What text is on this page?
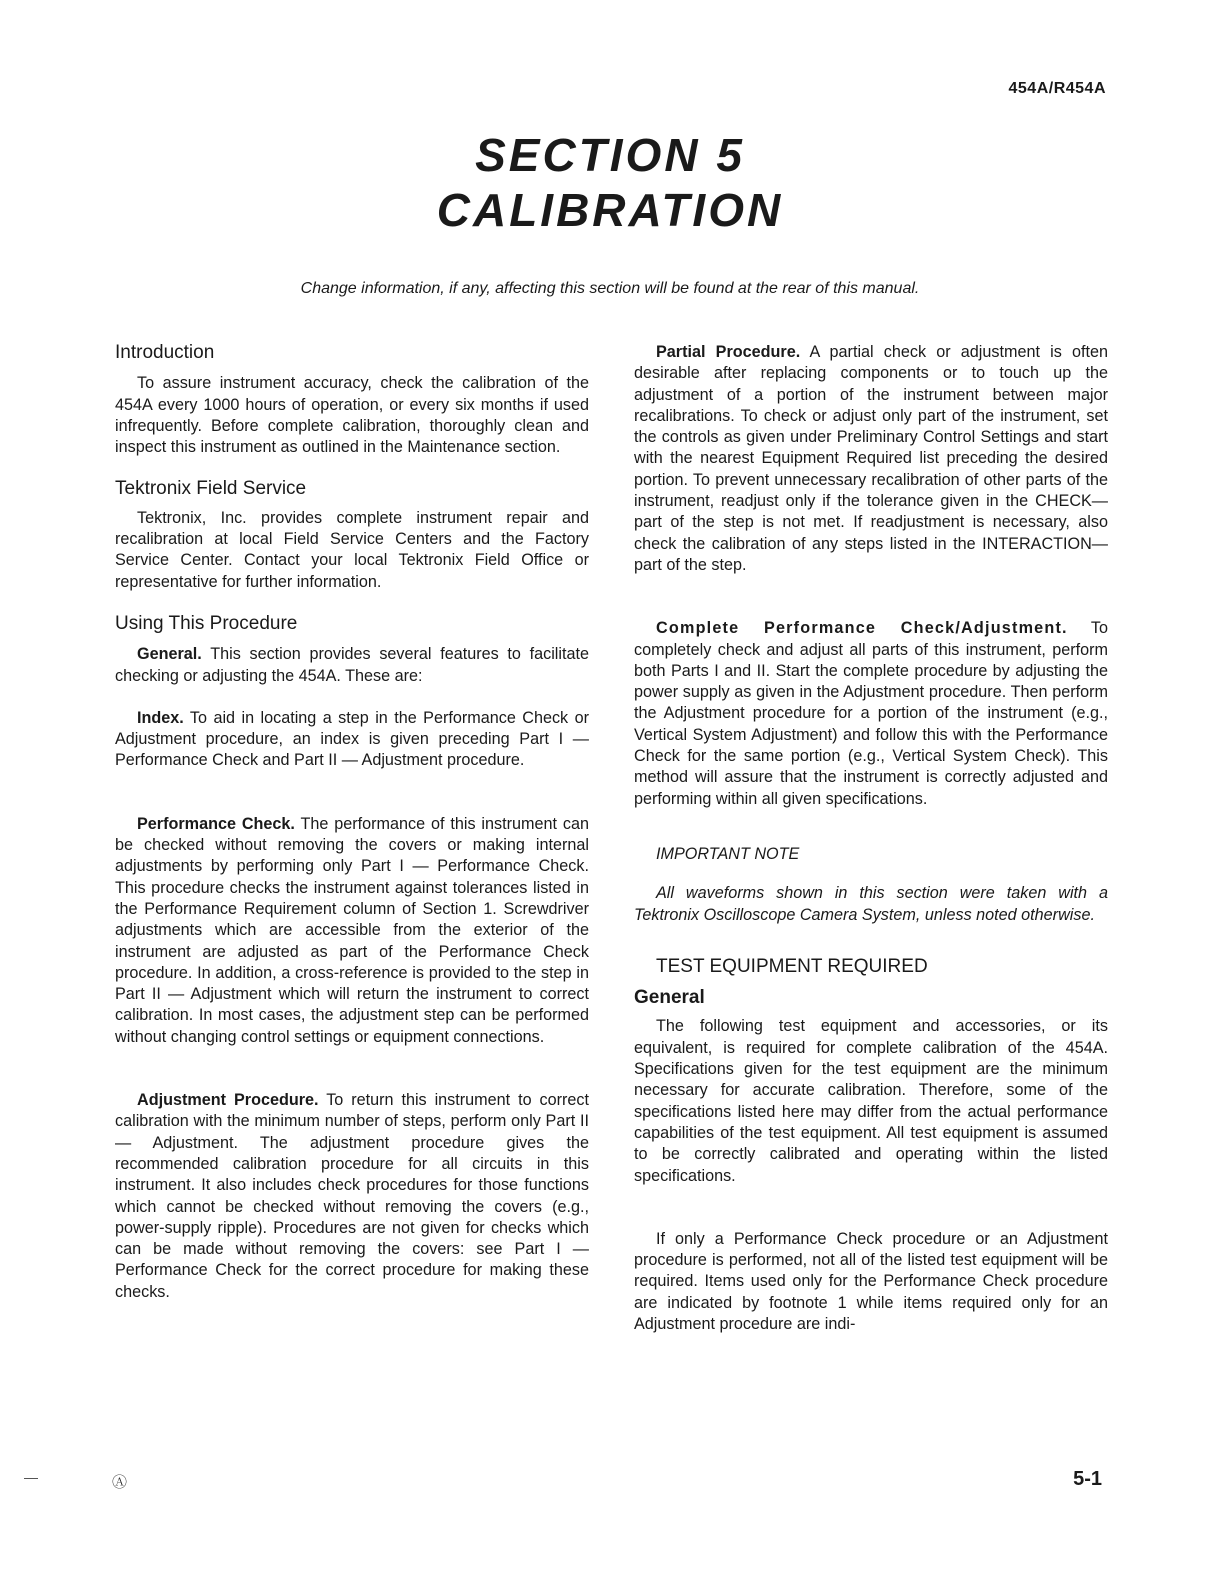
454A/R454A
SECTION 5
CALIBRATION
Change information, if any, affecting this section will be found at the rear of this manual.

Introduction

To assure instrument accuracy, check the calibration of the 454A every 1000 hours of operation, or every six months if used infrequently. Before complete calibration, thoroughly clean and inspect this instrument as outlined in the Maintenance section.

Tektronix Field Service

Tektronix, Inc. provides complete instrument repair and recalibration at local Field Service Centers and the Factory Service Center. Contact your local Tektronix Field Office or representative for further information.

Using This Procedure

General. This section provides several features to facilitate checking or adjusting the 454A. These are:

Index. To aid in locating a step in the Performance Check or Adjustment procedure, an index is given preceding Part I — Performance Check and Part II — Adjustment procedure.

Performance Check. The performance of this instrument can be checked without removing the covers or making internal adjustments by performing only Part I — Performance Check. This procedure checks the instrument against tolerances listed in the Performance Requirement column of Section 1. Screwdriver adjustments which are accessible from the exterior of the instrument are adjusted as part of the Performance Check procedure. In addition, a cross-reference is provided to the step in Part II — Adjustment which will return the instrument to correct calibration. In most cases, the adjustment step can be performed without changing control settings or equipment connections.

Adjustment Procedure. To return this instrument to correct calibration with the minimum number of steps, perform only Part II — Adjustment. The adjustment procedure gives the recommended calibration procedure for all circuits in this instrument. It also includes check procedures for those functions which cannot be checked without removing the covers (e.g., power-supply ripple). Procedures are not given for checks which can be made without removing the covers: see Part I — Performance Check for the correct procedure for making these checks.

Partial Procedure. A partial check or adjustment is often desirable after replacing components or to touch up the adjustment of a portion of the instrument between major recalibrations. To check or adjust only part of the instrument, set the controls as given under Preliminary Control Settings and start with the nearest Equipment Required list preceding the desired portion. To prevent unnecessary recalibration of other parts of the instrument, readjust only if the tolerance given in the CHECK— part of the step is not met. If readjustment is necessary, also check the calibration of any steps listed in the INTERACTION— part of the step.

Complete Performance Check/Adjustment. To completely check and adjust all parts of this instrument, perform both Parts I and II. Start the complete procedure by adjusting the power supply as given in the Adjustment procedure. Then perform the Adjustment procedure for a portion of the instrument (e.g., Vertical System Adjustment) and follow this with the Performance Check for the same portion (e.g., Vertical System Check). This method will assure that the instrument is correctly adjusted and performing within all given specifications.

IMPORTANT NOTE

All waveforms shown in this section were taken with a Tektronix Oscilloscope Camera System, unless noted otherwise.

TEST EQUIPMENT REQUIRED

General

The following test equipment and accessories, or its equivalent, is required for complete calibration of the 454A. Specifications given for the test equipment are the minimum necessary for accurate calibration. Therefore, some of the specifications listed here may differ from the actual performance capabilities of the test equipment. All test equipment is assumed to be correctly calibrated and operating within the listed specifications.

If only a Performance Check procedure or an Adjustment procedure is performed, not all of the listed test equipment will be required. Items used only for the Performance Check procedure are indicated by footnote 1 while items required only for an Adjustment procedure are indi-

Ⓐ	5-1
